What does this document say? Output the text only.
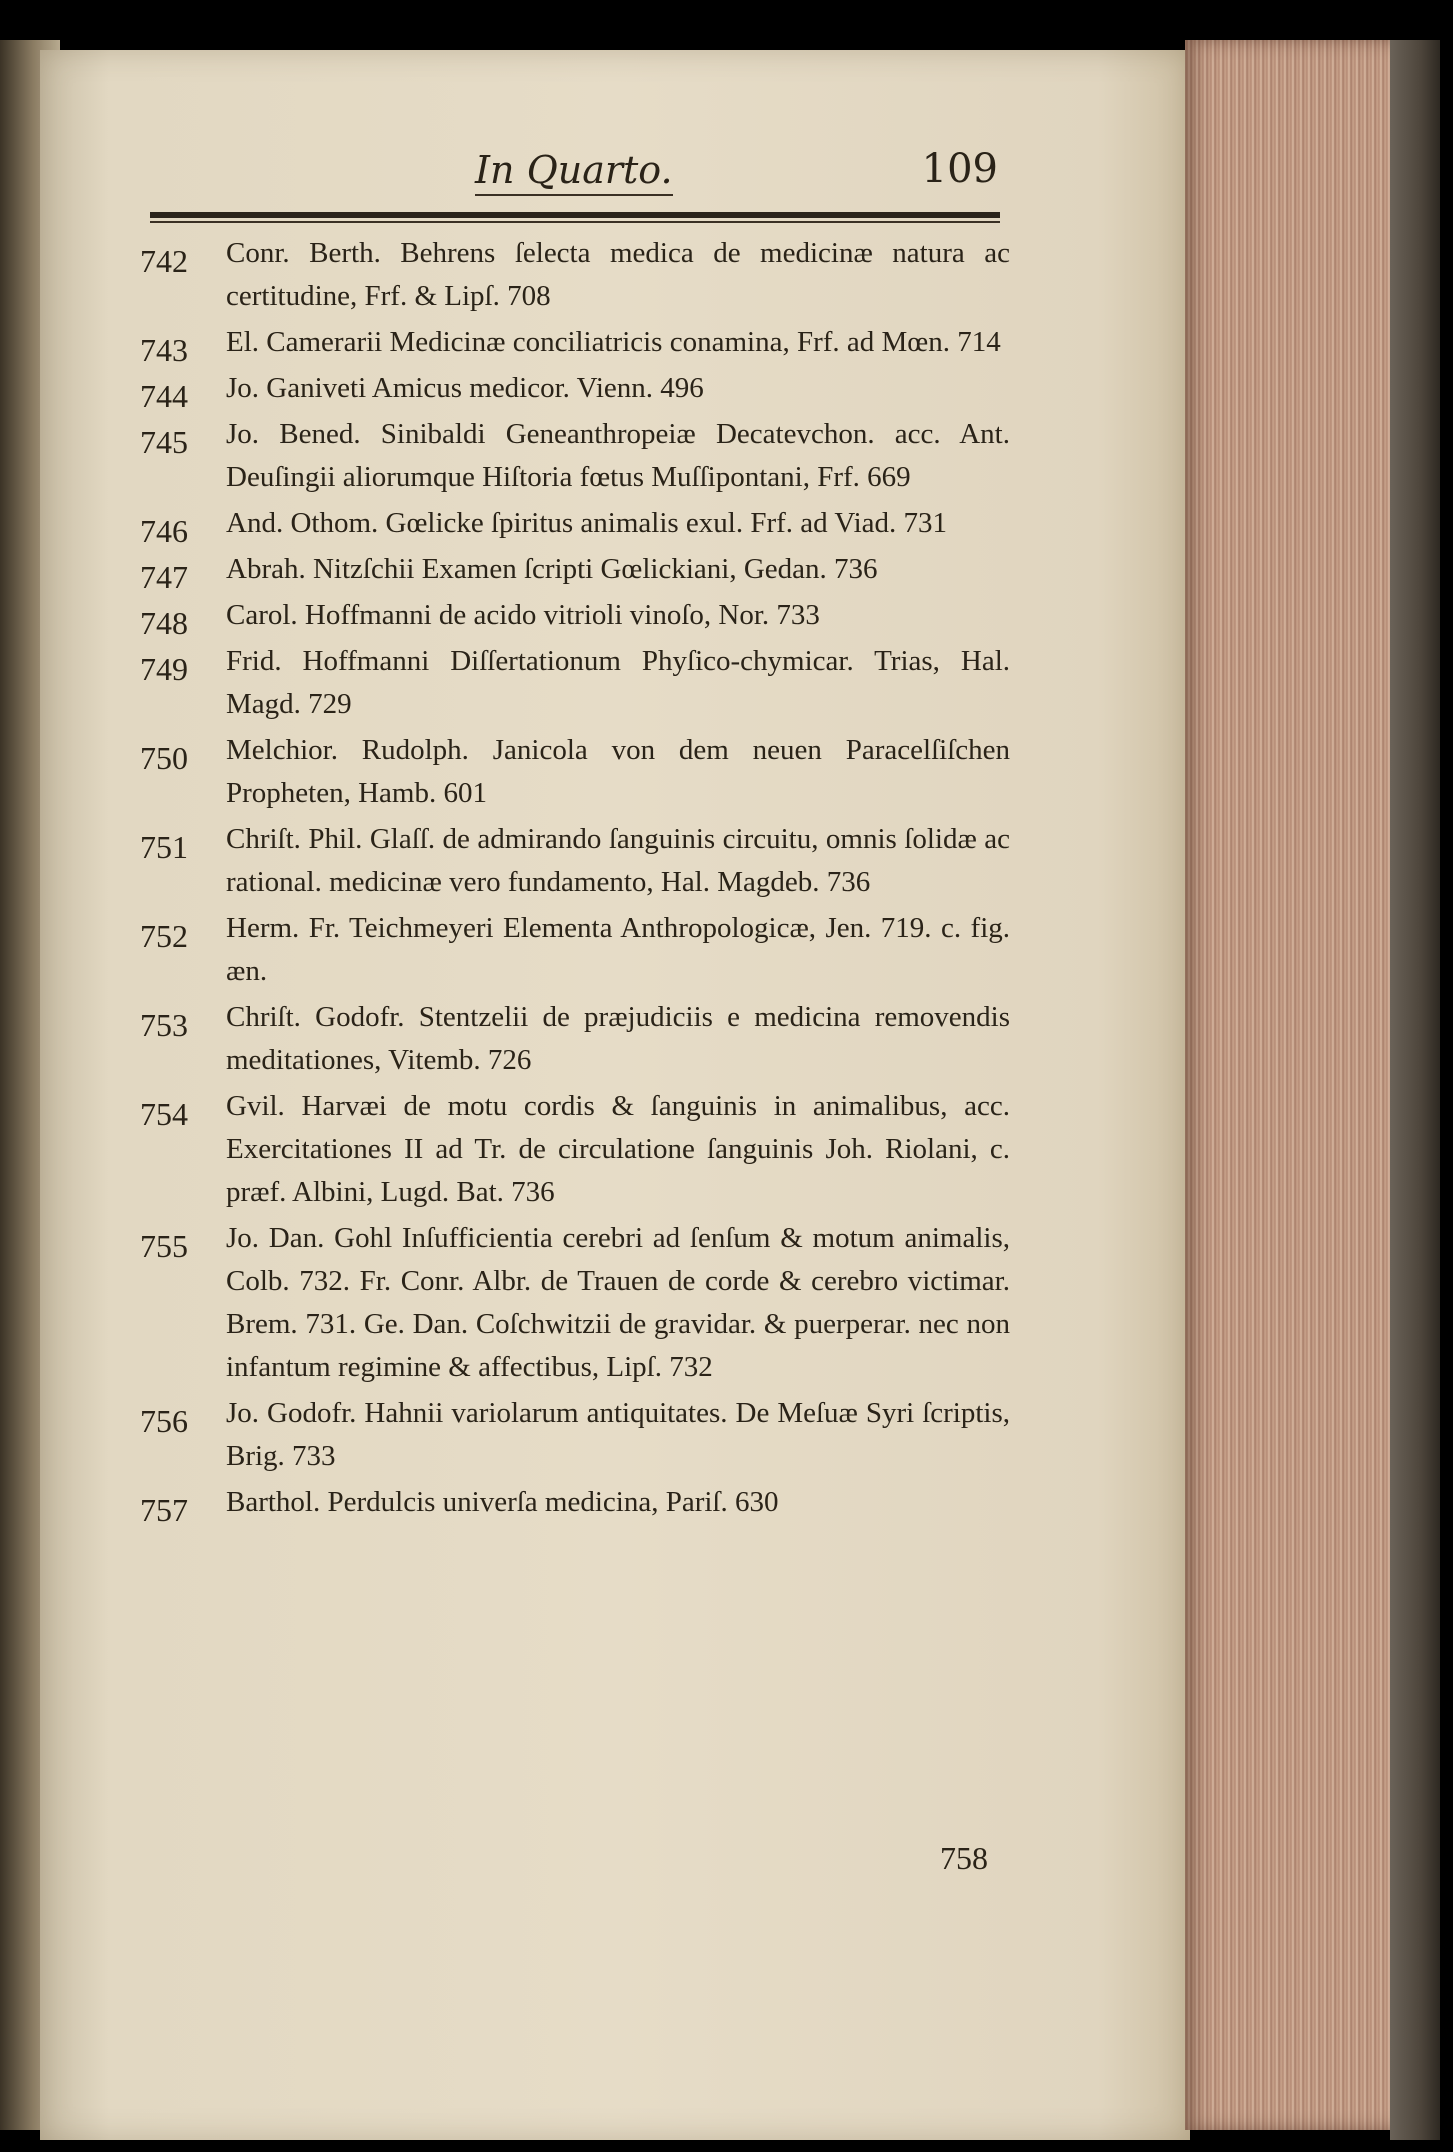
In Quarto.	109
742	Conr. Berth. Behrens ſelecta medica de medicinæ natura ac certitudine, Frf. & Lipſ. 708
743	El. Camerarii Medicinæ conciliatricis conamina, Frf. ad Mœn. 714
744	Jo. Ganiveti Amicus medicor. Vienn. 496
745	Jo. Bened. Sinibaldi Geneanthropeiæ Decatevchon. acc. Ant. Deuſingii aliorumque Hiſtoria fœtus Muſſipontani, Frf. 669
746	And. Othom. Gœlicke ſpiritus animalis exul. Frf. ad Viad. 731
747	Abrah. Nitzſchii Examen ſcripti Gœlickiani, Gedan. 736
748	Carol. Hoffmanni de acido vitrioli vinoſo, Nor. 733
749	Frid. Hoffmanni Diſſertationum Phyſico-chymicar. Trias, Hal. Magd. 729
750	Melchior. Rudolph. Janicola von dem neuen Paracelſiſchen Propheten, Hamb. 601
751	Chriſt. Phil. Glaſſ. de admirando ſanguinis circuitu, omnis ſolidæ ac rational. medicinæ vero fundamento, Hal. Magdeb. 736
752	Herm. Fr. Teichmeyeri Elementa Anthropologicæ, Jen. 719. c. fig. æn.
753	Chriſt. Godofr. Stentzelii de præjudiciis e medicina removendis meditationes, Vitemb. 726
754	Gvil. Harvæi de motu cordis & ſanguinis in animalibus, acc. Exercitationes II ad Tr. de circulatione ſanguinis Joh. Riolani, c. præf. Albini, Lugd. Bat. 736
755	Jo. Dan. Gohl Inſufficientia cerebri ad ſenſum & motum animalis, Colb. 732. Fr. Conr. Albr. de Trauen de corde & cerebro victimar. Brem. 731. Ge. Dan. Coſchwitzii de gravidar. & puerperar. nec non infantum regimine & affectibus, Lipſ. 732
756	Jo. Godofr. Hahnii variolarum antiquitates. De Meſuæ Syri ſcriptis, Brig. 733
757	Barthol. Perdulcis univerſa medicina, Pariſ. 630
758
